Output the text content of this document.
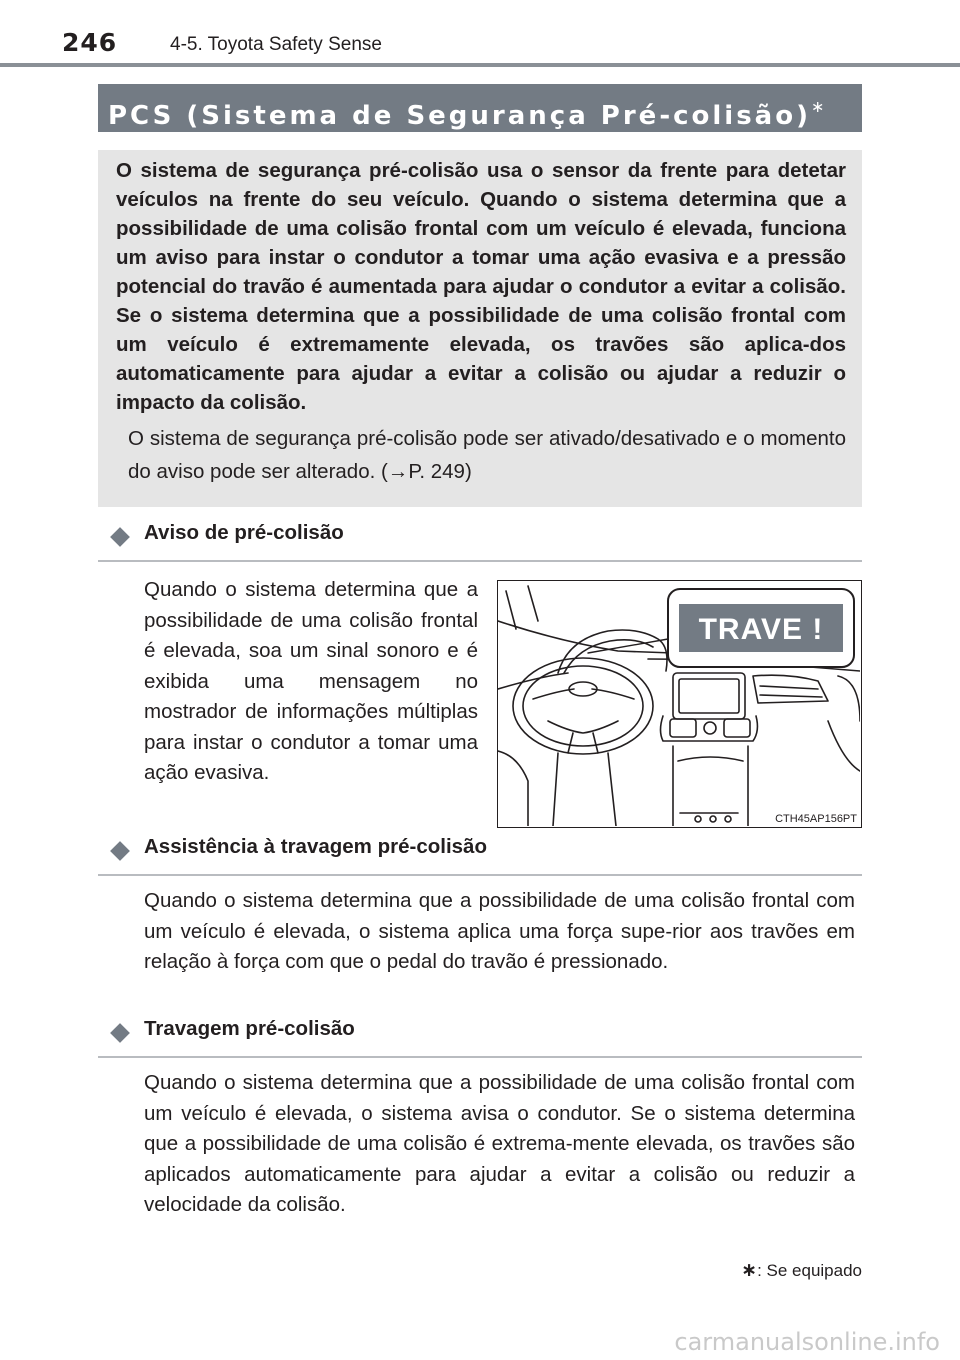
246	4-5. Toyota Safety Sense
PCS (Sistema de Segurança Pré-colisão)∗

O sistema de segurança pré-colisão usa o sensor da frente para detetar veículos na frente do seu veículo. Quando o sistema determina que a possibilidade de uma colisão frontal com um veículo é elevada, funciona um aviso para instar o condutor a tomar uma ação evasiva e a pressão potencial do travão é aumentada para ajudar o condutor a evitar a colisão. Se o sistema determina que a possibilidade de uma colisão frontal com um veículo é extremamente elevada, os travões são aplica-dos automaticamente para ajudar a evitar a colisão ou ajudar a reduzir o impacto da colisão.

O sistema de segurança pré-colisão pode ser ativado/desativado e o momento do aviso pode ser alterado. (→P. 249)

Aviso de pré-colisão

Quando o sistema determina que a possibilidade de uma colisão frontal é elevada, soa um sinal sonoro e é exibida uma mensagem no mostrador de informações múltiplas para instar o condutor a tomar uma ação evasiva.

TRAVE !
CTH45AP156PT
Assistência à travagem pré-colisão

Quando o sistema determina que a possibilidade de uma colisão frontal com um veículo é elevada, o sistema aplica uma força supe-rior aos travões em relação à força com que o pedal do travão é pressionado.

Travagem pré-colisão

Quando o sistema determina que a possibilidade de uma colisão frontal com um veículo é elevada, o sistema avisa o condutor. Se o sistema determina que a possibilidade de uma colisão é extrema-mente elevada, os travões são aplicados automaticamente para ajudar a evitar a colisão ou reduzir a velocidade da colisão.

∗: Se equipado
carmanualsonline.info
